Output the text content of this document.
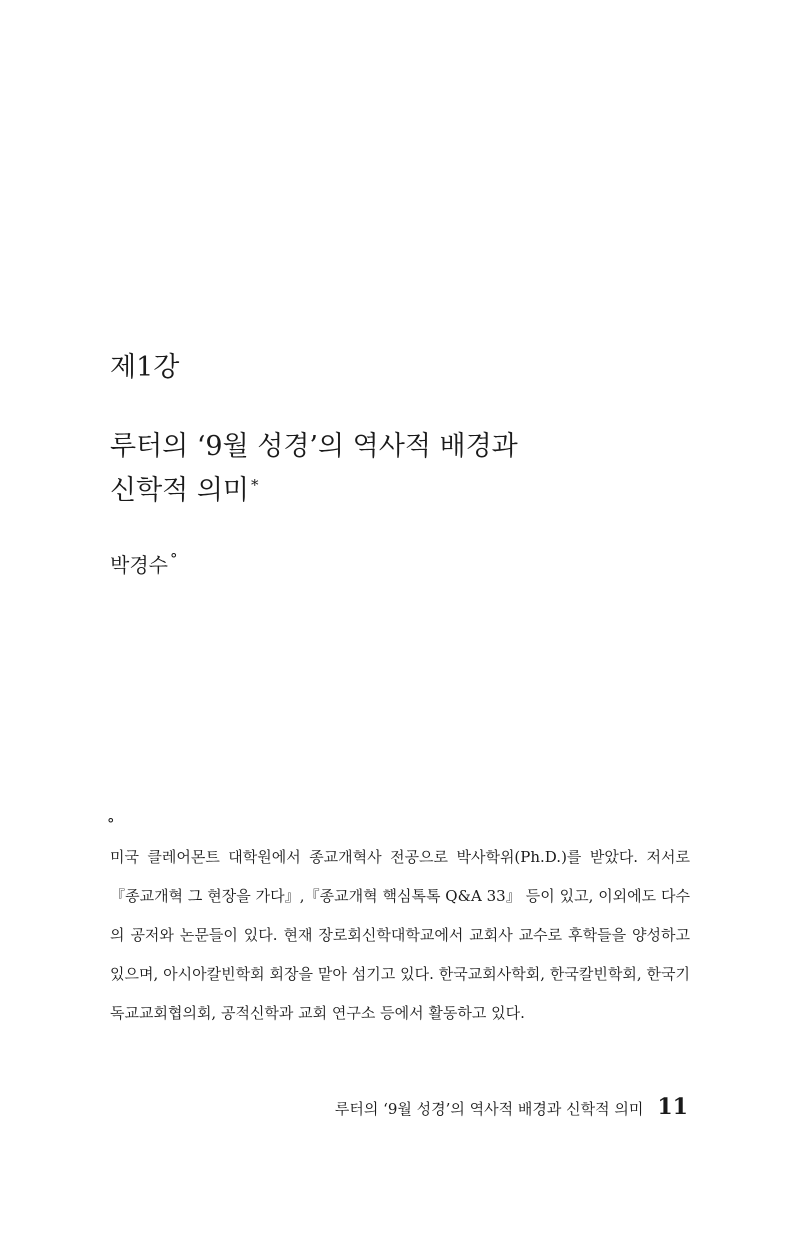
제1강
루터의 ‘9월 성경’의 역사적 배경과
신학적 의미 *
박경수 °
°

미국 클레어몬트 대학원에서 종교개혁사 전공으로 박사학위(Ph.D.)를 받았다. 저서로 『종교개혁 그 현장을 가다』,『종교개혁 핵심톡톡 Q&A 33』 등이 있고, 이외에도 다수의 공저와 논문들이 있다. 현재 장로회신학대학교에서 교회사 교수로 후학들을 양성하고 있으며, 아시아칼빈학회 회장을 맡아 섬기고 있다. 한국교회사학회, 한국칼빈학회, 한국기독교교회협의회, 공적신학과 교회 연구소 등에서 활동하고 있다.

루터의 ‘9월 성경’의 역사적 배경과 신학적 의미 11
